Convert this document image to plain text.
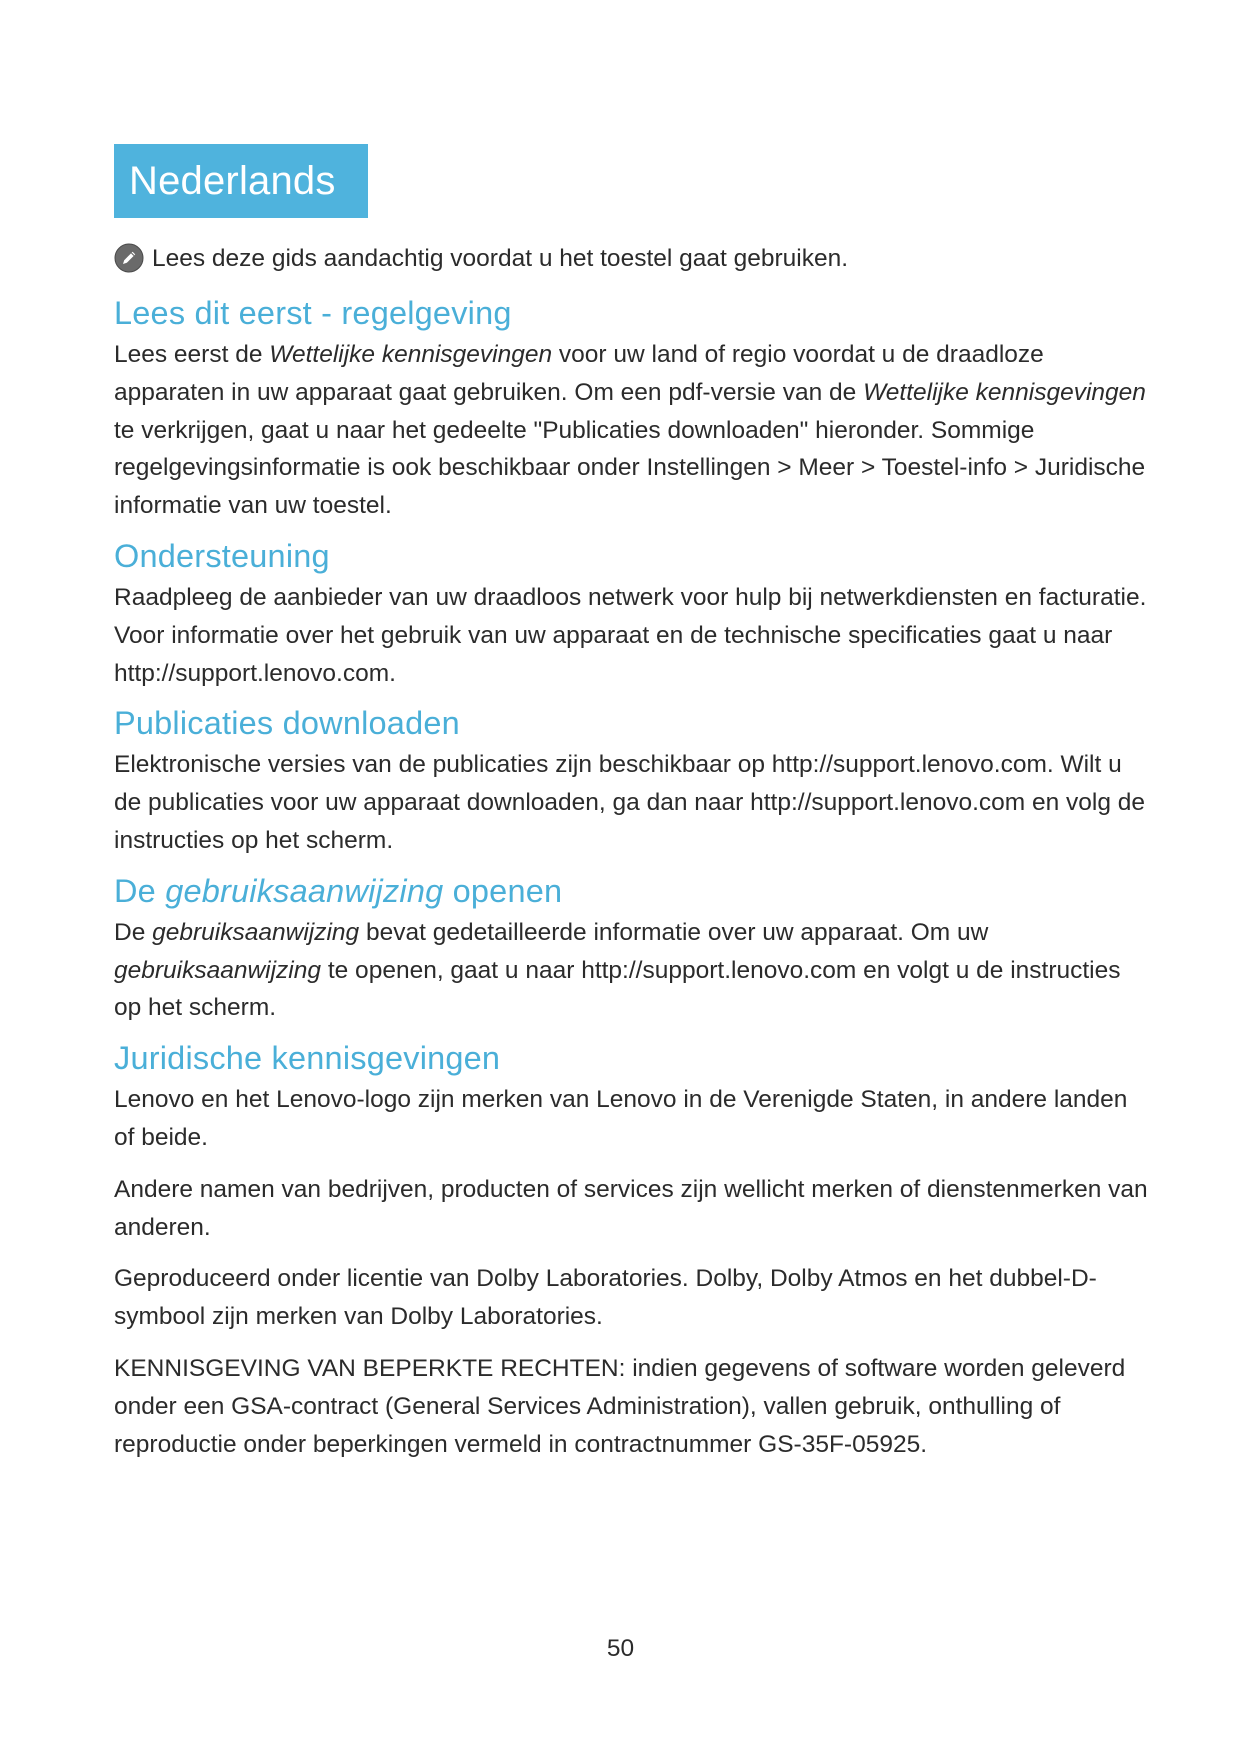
Nederlands
Lees deze gids aandachtig voordat u het toestel gaat gebruiken.
Lees dit eerst - regelgeving

Lees eerst de Wettelijke kennisgevingen voor uw land of regio voordat u de draadloze apparaten in uw apparaat gaat gebruiken. Om een pdf-versie van de Wettelijke kennisgevingen te verkrijgen, gaat u naar het gedeelte "Publicaties downloaden" hieronder. Sommige regelgevingsinformatie is ook beschikbaar onder Instellingen > Meer > Toestel-info > Juridische informatie van uw toestel.

Ondersteuning

Raadpleeg de aanbieder van uw draadloos netwerk voor hulp bij netwerkdiensten en facturatie. Voor informatie over het gebruik van uw apparaat en de technische specificaties gaat u naar http://support.lenovo.com.

Publicaties downloaden

Elektronische versies van de publicaties zijn beschikbaar op http://support.lenovo.com. Wilt u de publicaties voor uw apparaat downloaden, ga dan naar http://support.lenovo.com en volg de instructies op het scherm.

De gebruiksaanwijzing openen

De gebruiksaanwijzing bevat gedetailleerde informatie over uw apparaat. Om uw gebruiksaanwijzing te openen, gaat u naar http://support.lenovo.com en volgt u de instructies op het scherm.

Juridische kennisgevingen

Lenovo en het Lenovo-logo zijn merken van Lenovo in de Verenigde Staten, in andere landen of beide.

Andere namen van bedrijven, producten of services zijn wellicht merken of dienstenmerken van anderen.

Geproduceerd onder licentie van Dolby Laboratories. Dolby, Dolby Atmos en het dubbel-D-symbool zijn merken van Dolby Laboratories.

KENNISGEVING VAN BEPERKTE RECHTEN: indien gegevens of software worden geleverd onder een GSA-contract (General Services Administration), vallen gebruik, onthulling of reproductie onder beperkingen vermeld in contractnummer GS-35F-05925.

50
